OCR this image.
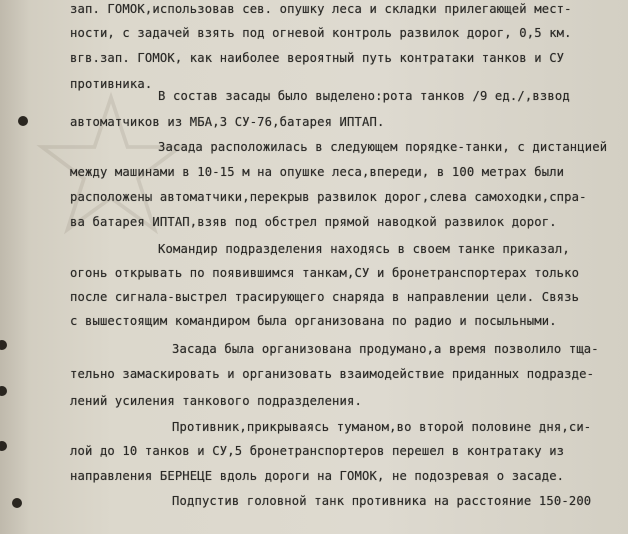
зап. ГОМОК,использовав сев. опушку леса и складки прилегающей мест-
ности, с задачей взять под огневой контроль развилок дорог, 0,5 км.
вгв.зап. ГОМОК, как наиболее вероятный путь контратаки танков и СУ
противника.
В состав засады было выделено:рота танков /9 ед./,взвод
автоматчиков из МБА,3 СУ-76,батарея ИПТАП.
Засада расположилась в следующем порядке-танки, с дистанцией
между машинами в 10-15 м на опушке леса,впереди, в 100 метрах были
расположены автоматчики,перекрыв развилок дорог,слева самоходки,спра-
ва батарея ИПТАП,взяв под обстрел прямой наводкой развилок дорог.
Командир подразделения находясь в своем танке приказал,
огонь открывать по появившимся танкам,СУ и бронетранспортерах только
после сигнала-выстрел трасирующего снаряда в направлении цели. Связь
с вышестоящим командиром была организована по радио и посыльными.
Засада была организована продумано,а время позволило тща-
тельно замаскировать и организовать взаимодействие приданных подразде-
лений усиления танкового подразделения.
Противник,прикрываясь туманом,во второй половине дня,си-
лой до 10 танков и СУ,5 бронетранспортеров перешел в контратаку из
направления БЕРНЕЦЕ вдоль дороги на ГОМОК, не подозревая о засаде.
Подпустив головной танк противника на расстояние 150-200
